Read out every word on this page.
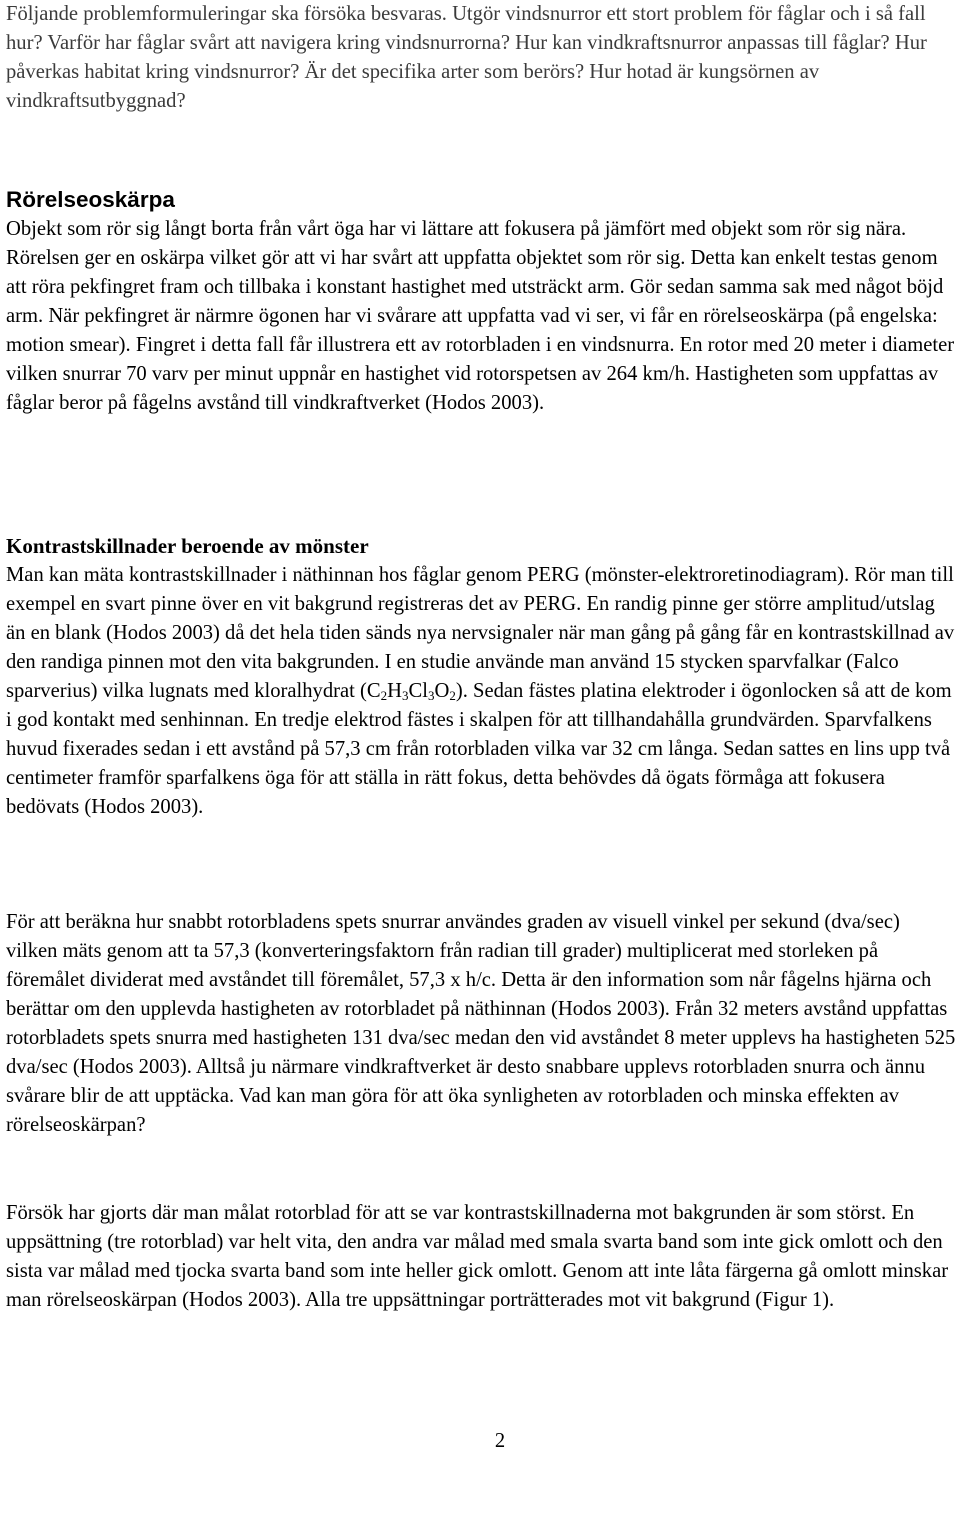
Följande problemformuleringar ska försöka besvaras. Utgör vindsnurror ett stort problem för fåglar och i så fall hur? Varför har fåglar svårt att navigera kring vindsnurrorna? Hur kan vindkraftsnurror anpassas till fåglar? Hur påverkas habitat kring vindsnurror? Är det specifika arter som berörs? Hur hotad är kungsörnen av vindkraftsutbyggnad?

Rörelseoskärpa

Objekt som rör sig långt borta från vårt öga har vi lättare att fokusera på jämfört med objekt som rör sig nära. Rörelsen ger en oskärpa vilket gör att vi har svårt att uppfatta objektet som rör sig. Detta kan enkelt testas genom att röra pekfingret fram och tillbaka i konstant hastighet med utsträckt arm. Gör sedan samma sak med något böjd arm. När pekfingret är närmre ögonen har vi svårare att uppfatta vad vi ser, vi får en rörelseoskärpa (på engelska: motion smear). Fingret i detta fall får illustrera ett av rotorbladen i en vindsnurra. En rotor med 20 meter i diameter vilken snurrar 70 varv per minut uppnår en hastighet vid rotorspetsen av 264 km/h. Hastigheten som uppfattas av fåglar beror på fågelns avstånd till vindkraftverket (Hodos 2003).

Kontrastskillnader beroende av mönster

Man kan mäta kontrastskillnader i näthinnan hos fåglar genom PERG (mönster-elektroretinodiagram). Rör man till exempel en svart pinne över en vit bakgrund registreras det av PERG. En randig pinne ger större amplitud/utslag än en blank (Hodos 2003) då det hela tiden sänds nya nervsignaler när man gång på gång får en kontrastskillnad av den randiga pinnen mot den vita bakgrunden. I en studie använde man använd 15 stycken sparvfalkar (Falco sparverius) vilka lugnats med kloralhydrat $(C_2H_3Cl_3O_2)$. Sedan fästes platina elektroder i ögonlocken så att de kom i god kontakt med senhinnan. En tredje elektrod fästes i skalpen för att tillhandahålla grundvärden. Sparvfalkens huvud fixerades sedan i ett avstånd på 57,3 cm från rotorbladen vilka var 32 cm långa. Sedan sattes en lins upp två centimeter framför sparfalkens öga för att ställa in rätt fokus, detta behövdes då ögats förmåga att fokusera bedövats (Hodos 2003).

För att beräkna hur snabbt rotorbladens spets snurrar användes graden av visuell vinkel per sekund (dva/sec) vilken mäts genom att ta 57,3 (konverteringsfaktorn från radian till grader) multiplicerat med storleken på föremålet dividerat med avståndet till föremålet, 57,3 x h/c. Detta är den information som når fågelns hjärna och berättar om den upplevda hastigheten av rotorbladet på näthinnan (Hodos 2003). Från 32 meters avstånd uppfattas rotorbladets spets snurra med hastigheten 131 dva/sec medan den vid avståndet 8 meter upplevs ha hastigheten 525 dva/sec (Hodos 2003). Alltså ju närmare vindkraftverket är desto snabbare upplevs rotorbladen snurra och ännu svårare blir de att upptäcka. Vad kan man göra för att öka synligheten av rotorbladen och minska effekten av rörelseoskärpan?

Försök har gjorts där man målat rotorblad för att se var kontrastskillnaderna mot bakgrunden är som störst. En uppsättning (tre rotorblad) var helt vita, den andra var målad med smala svarta band som inte gick omlott och den sista var målad med tjocka svarta band som inte heller gick omlott. Genom att inte låta färgerna gå omlott minskar man rörelseoskärpan (Hodos 2003). Alla tre uppsättningar porträtterades mot vit bakgrund (Figur 1).

2
